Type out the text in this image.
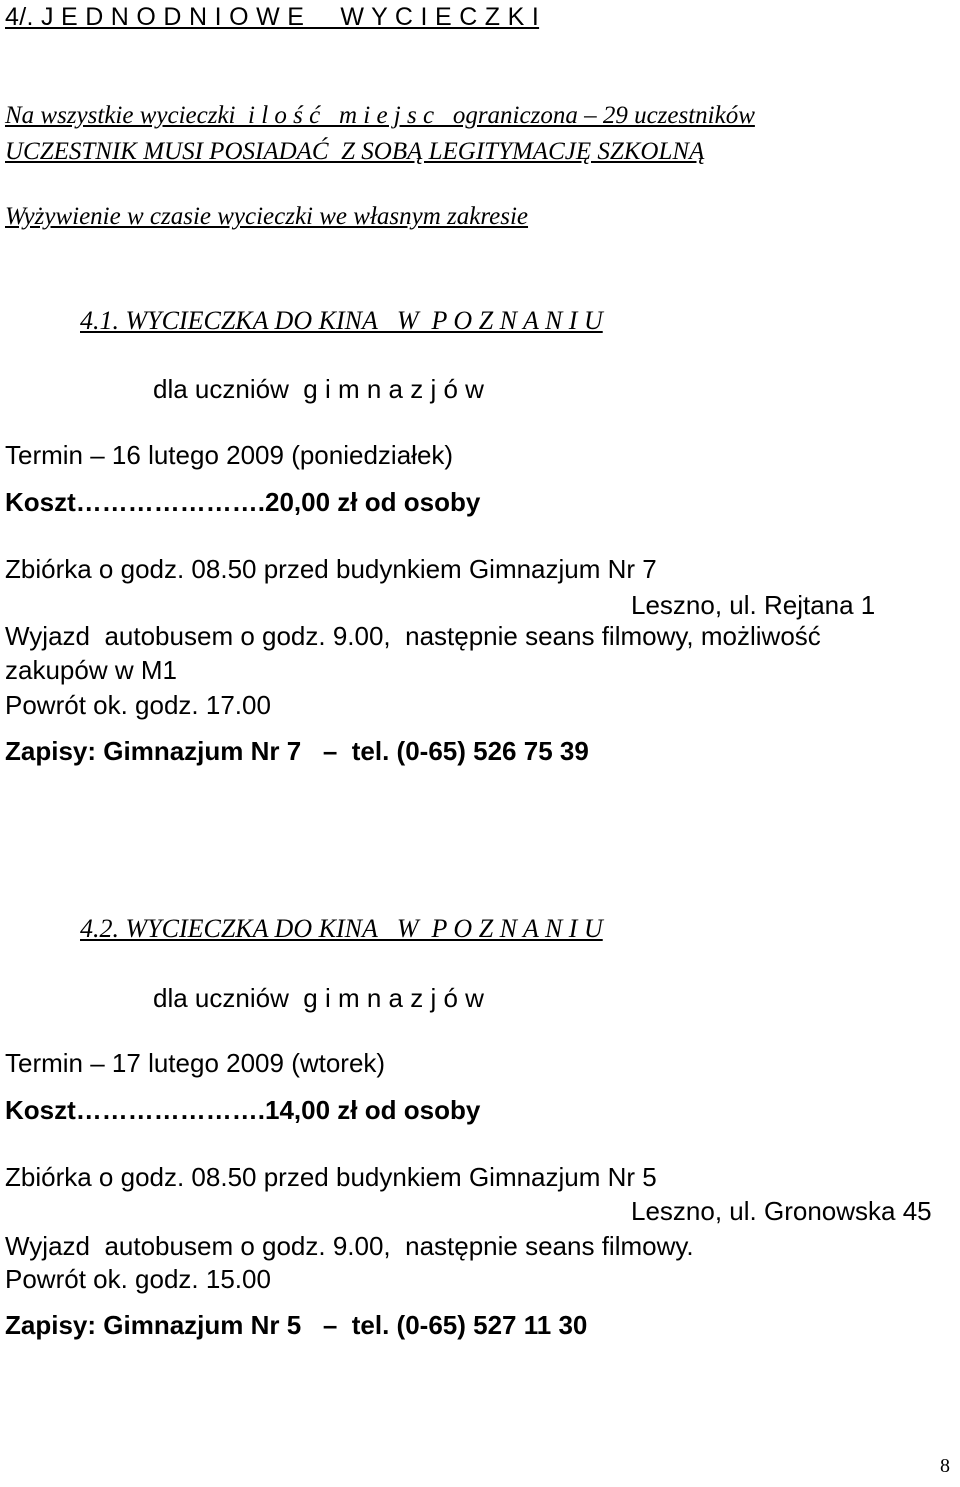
4/. J E D N O D N I O W E     W Y C I E C Z K I
Na wszystkie wycieczki  i l o ś ć   m i e j s c   ograniczona – 29 uczestników
UCZESTNIK MUSI POSIADAĆ  Z SOBĄ LEGITYMACJĘ SZKOLNĄ
Wyżywienie w czasie wycieczki we własnym zakresie
4.1. WYCIECZKA DO KINA   W  P O Z N A N I U
dla uczniów  g i m n a z j ó w
Termin – 16 lutego 2009 (poniedziałek)
Koszt………………….20,00 zł od osoby
Zbiórka o godz. 08.50 przed budynkiem Gimnazjum Nr 7
Leszno, ul. Rejtana 1
Wyjazd  autobusem o godz. 9.00,  następnie seans filmowy, możliwość
zakupów w M1
Powrót ok. godz. 17.00
Zapisy: Gimnazjum Nr 7   –  tel. (0-65) 526 75 39
4.2. WYCIECZKA DO KINA   W  P O Z N A N I U
dla uczniów  g i m n a z j ó w
Termin – 17 lutego 2009 (wtorek)
Koszt………………….14,00 zł od osoby
Zbiórka o godz. 08.50 przed budynkiem Gimnazjum Nr 5
Leszno, ul. Gronowska 45
Wyjazd  autobusem o godz. 9.00,  następnie seans filmowy.
Powrót ok. godz. 15.00
Zapisy: Gimnazjum Nr 5   –  tel. (0-65) 527 11 30
8
